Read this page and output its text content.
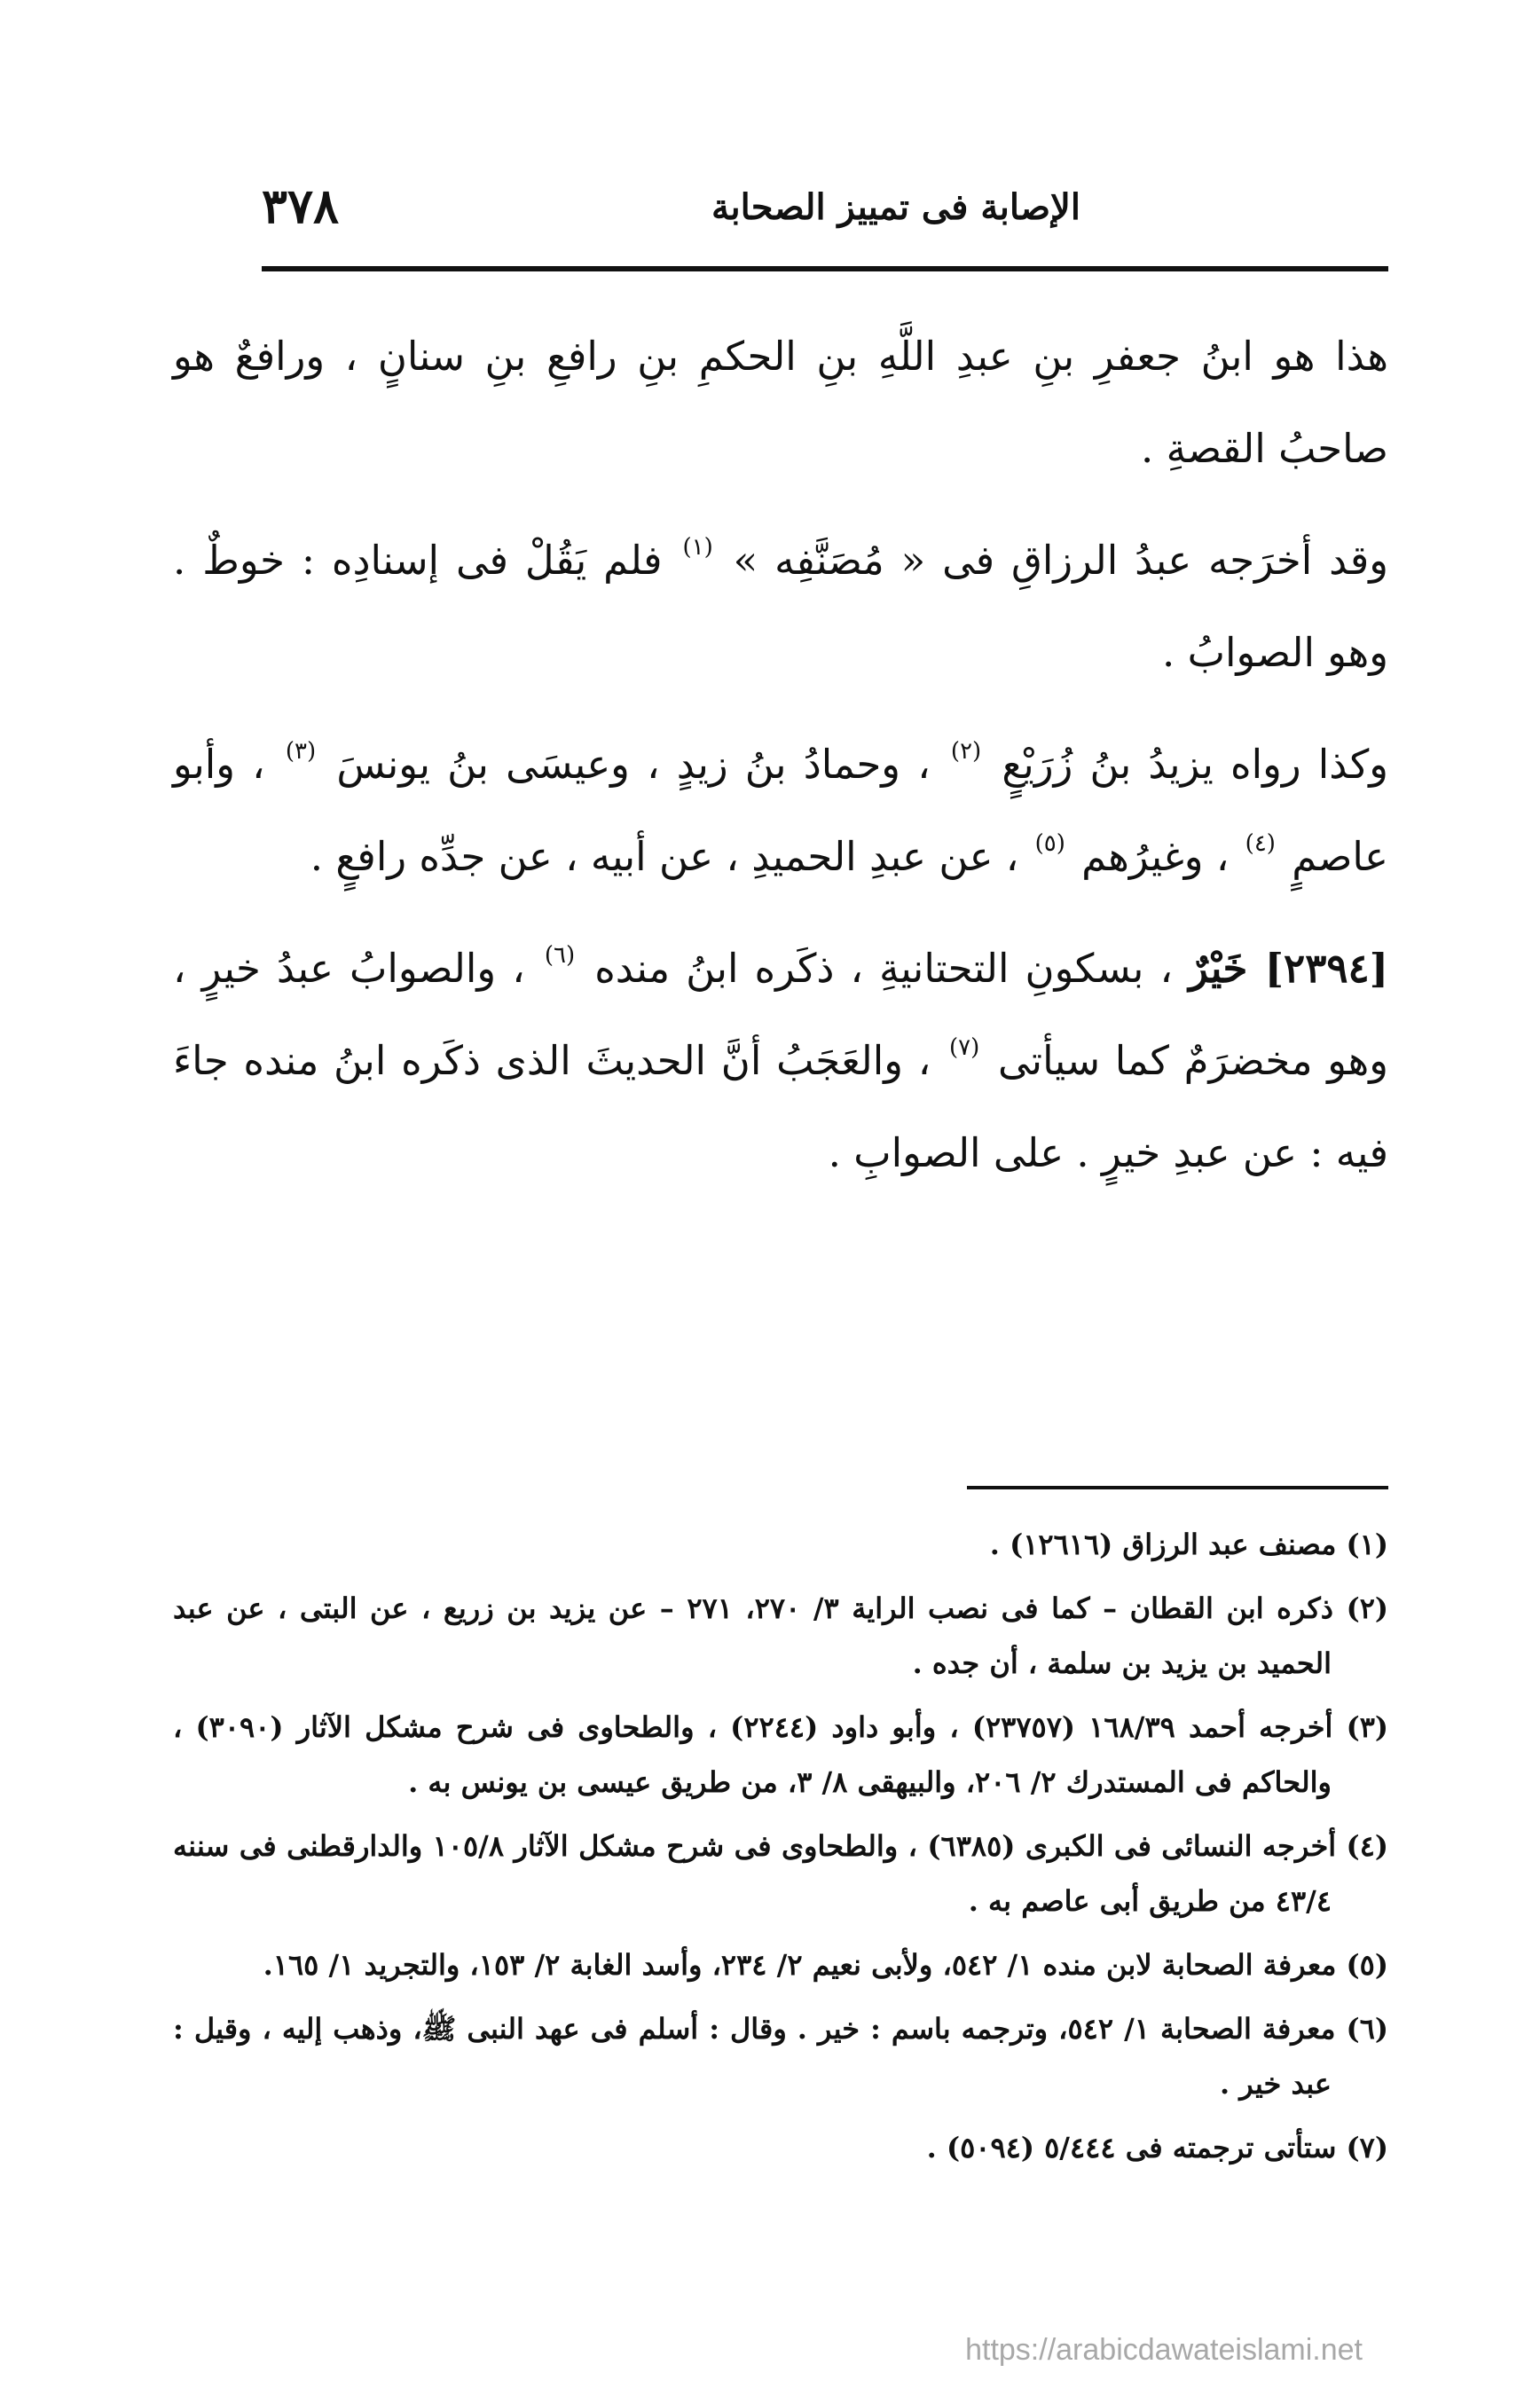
٣٧٨	الإصابة فى تمييز الصحابة

هذا هو ابنُ جعفرِ بنِ عبدِ اللَّهِ بنِ الحكمِ بنِ رافعِ بنِ سنانٍ ، ورافعٌ هو صاحبُ القصةِ .

وقد أخرَجه عبدُ الرزاقِ فى « مُصَنَّفِه » $^{(١)}$ فلم يَقُلْ فى إسنادِه : خوطٌ . وهو الصوابُ .

وكذا رواه يزيدُ بنُ زُرَيْعٍ $^{(٢)}$ ، وحمادُ بنُ زيدٍ ، وعيسَى بنُ يونسَ $^{(٣)}$ ، وأبو عاصمٍ $^{(٤)}$ ، وغيرُهم $^{(٥)}$ ، عن عبدِ الحميدِ ، عن أبيه ، عن جدِّه رافعٍ .

[٢٣٩٤] خَيْرٌ ، بسكونِ التحتانيةِ ، ذكَره ابنُ منده $^{(٦)}$ ، والصوابُ عبدُ خيرٍ ، وهو مخضرَمٌ كما سيأتى $^{(٧)}$ ، والعَجَبُ أنَّ الحديثَ الذى ذكَره ابنُ منده جاءَ فيه : عن عبدِ خيرٍ . على الصوابِ .

(١) مصنف عبد الرزاق (١٢٦١٦) .

(٢) ذكره ابن القطان – كما فى نصب الراية ٣/ ٢٧٠، ٢٧١ – عن يزيد بن زريع ، عن البتى ، عن عبد الحميد بن يزيد بن سلمة ، أن جده .

(٣) أخرجه أحمد ١٦٨/٣٩ (٢٣٧٥٧) ، وأبو داود (٢٢٤٤) ، والطحاوى فى شرح مشكل الآثار (٣٠٩٠) ، والحاكم فى المستدرك ٢/ ٢٠٦، والبيهقى ٨/ ٣، من طريق عيسى بن يونس به .

(٤) أخرجه النسائى فى الكبرى (٦٣٨٥) ، والطحاوى فى شرح مشكل الآثار ١٠٥/٨ والدارقطنى فى سننه ٤٣/٤ من طريق أبى عاصم به .

(٥) معرفة الصحابة لابن منده ١/ ٥٤٢، ولأبى نعيم ٢/ ٢٣٤، وأسد الغابة ٢/ ١٥٣، والتجريد ١/ ١٦٥.

(٦) معرفة الصحابة ١/ ٥٤٢، وترجمه باسم : خير . وقال : أسلم فى عهد النبى ﷺ، وذهب إليه ، وقيل : عبد خير .

(٧) ستأتى ترجمته فى ٥/٤٤٤ (٥٠٩٤) .

https://arabicdawateislami.net
